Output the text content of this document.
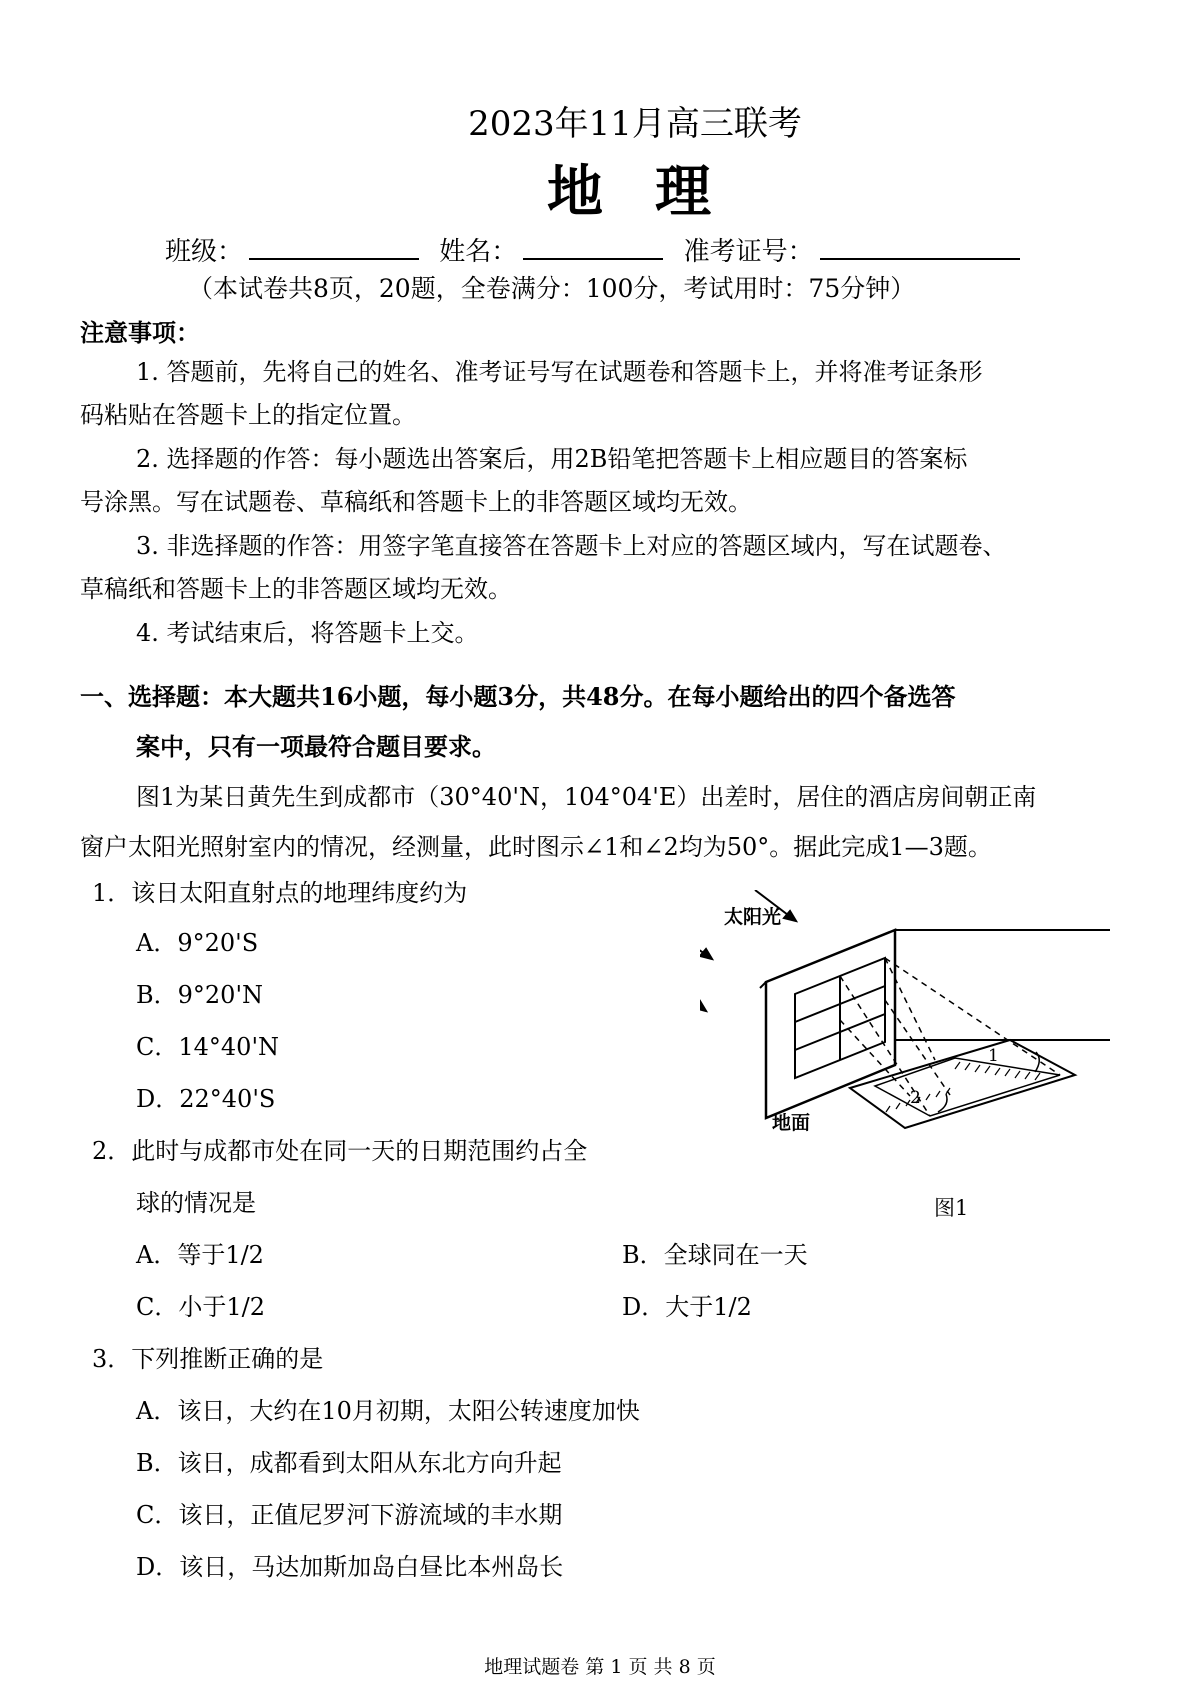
2023年11月高三联考
地理
班级：	姓名：	准考证号：
（本试卷共8页，20题，全卷满分：100分，考试用时：75分钟）
注意事项：
1. 答题前，先将自己的姓名、准考证号写在试题卷和答题卡上，并将准考证条形
码粘贴在答题卡上的指定位置。
2. 选择题的作答：每小题选出答案后，用2B铅笔把答题卡上相应题目的答案标
号涂黑。写在试题卷、草稿纸和答题卡上的非答题区域均无效。
3. 非选择题的作答：用签字笔直接答在答题卡上对应的答题区域内，写在试题卷、
草稿纸和答题卡上的非答题区域均无效。
4. 考试结束后，将答题卡上交。
一、选择题：本大题共16小题，每小题3分，共48分。在每小题给出的四个备选答
案中，只有一项最符合题目要求。
图1为某日黄先生到成都市（30°40'N，104°04'E）出差时，居住的酒店房间朝正南
窗户太阳光照射室内的情况，经测量，此时图示∠1和∠2均为50°。据此完成1—3题。
1．该日太阳直射点的地理纬度约为
A．9°20'S
B．9°20'N
C．14°40'N
D．22°40'S
2．此时与成都市处在同一天的日期范围约占全
球的情况是
A．等于1/2	B．全球同在一天
C．小于1/2	D．大于1/2
3．下列推断正确的是
A．该日，大约在10月初期，太阳公转速度加快
B．该日，成都看到太阳从东北方向升起
C．该日，正值尼罗河下游流域的丰水期
D．该日，马达加斯加岛白昼比本州岛长
太阳光
地面
1
2
图1
地理试题卷 第 1 页 共 8 页
